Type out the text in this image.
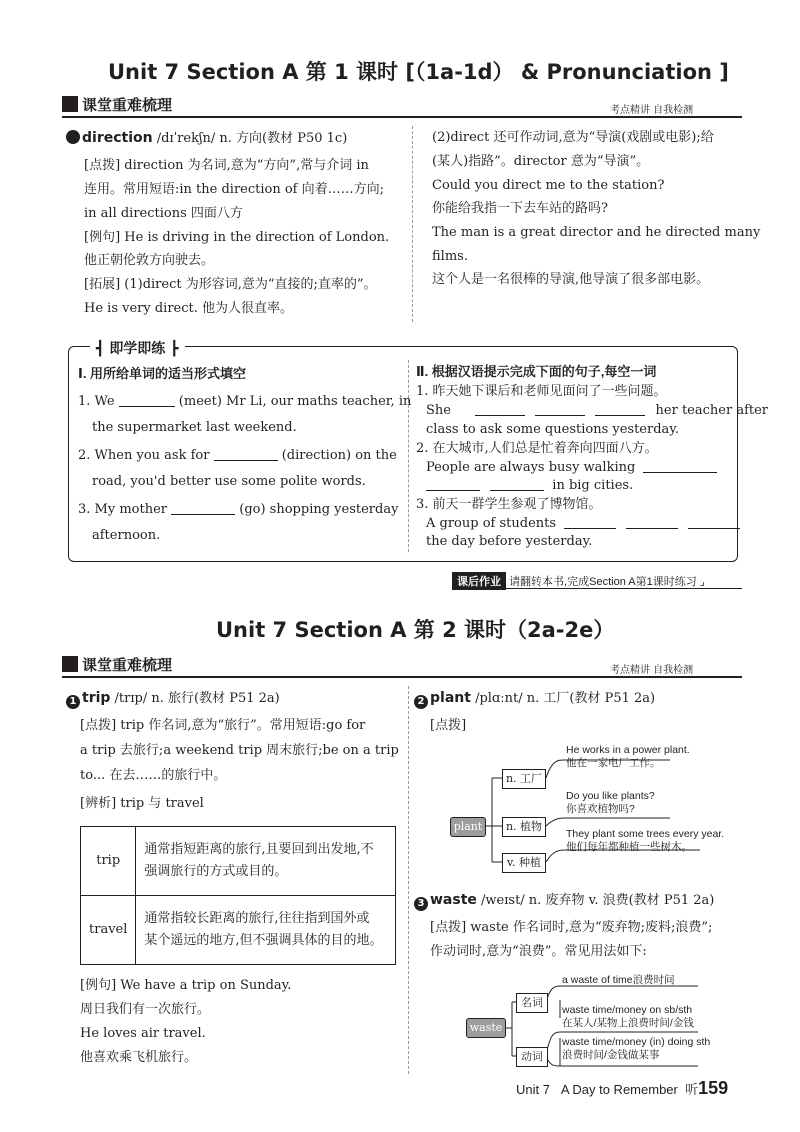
Unit 7 Section A 第 1 课时 [（1a-1d） & Pronunciation ]
课堂重难梳理	考点精讲 自我检测
direction /dɪˈrekʃn/ n. 方向(教材 P50 1c)
[点拨] direction 为名词,意为“方向”,常与介词 in
连用。常用短语:in the direction of 向着……方向;
in all directions 四面八方
[例句] He is driving in the direction of London.
他正朝伦敦方向驶去。
[拓展] (1)direct 为形容词,意为“直接的;直率的”。
He is very direct. 他为人很直率。
(2)direct 还可作动词,意为“导演(戏剧或电影);给
(某人)指路”。director 意为“导演”。
Could you direct me to the station?
你能给我指一下去车站的路吗?
The man is a great director and he directed many
films.
这个人是一名很棒的导演,他导演了很多部电影。
┫ 即学即练 ┣
Ⅰ. 用所给单词的适当形式填空
1. We	(meet) Mr Li, our maths teacher, in
the supermarket last weekend.
2. When you ask for	(direction) on the
road, you'd better use some polite words.
3. My mother	(go) shopping yesterday
afternoon.
Ⅱ. 根据汉语提示完成下面的句子,每空一词
1. 昨天她下课后和老师见面问了一些问题。
She	her teacher after
class to ask some questions yesterday.
2. 在大城市,人们总是忙着奔向四面八方。
People are always busy walking
in big cities.
3. 前天一群学生参观了博物馆。
A group of students
the day before yesterday.
课后作业 请翻转本书,完成Section A第1课时练习 ⌟
Unit 7 Section A 第 2 课时（2a-2e）
课堂重难梳理	考点精讲 自我检测
1 trip /trɪp/ n. 旅行(教材 P51 2a)
[点拨] trip 作名词,意为“旅行”。常用短语:go for
a trip 去旅行;a weekend trip 周末旅行;be on a trip
to... 在去……的旅行中。
[辨析] trip 与 travel
trip	通常指短距离的旅行,且要回到出发地,不
强调旅行的方式或目的。
travel	通常指较长距离的旅行,往往指到国外或
某个遥远的地方,但不强调具体的目的地。
[例句] We have a trip on Sunday.
周日我们有一次旅行。
He loves air travel.
他喜欢乘飞机旅行。
2 plant /plɑːnt/ n. 工厂(教材 P51 2a)
[点拨]
plant
n. 工厂
n. 植物
v. 种植
He works in a power plant.
他在一家电厂工作。
Do you like plants?
你喜欢植物吗?
They plant some trees every year.
他们每年都种植一些树木。
3 waste /weɪst/ n. 废弃物 v. 浪费(教材 P51 2a)
[点拨] waste 作名词时,意为“废弃物;废料;浪费”;
作动词时,意为“浪费”。常见用法如下:
waste
名词
动词
a waste of time浪费时间
waste time/money on sb/sth
在某人/某物上浪费时间/金钱
waste time/money (in) doing sth
浪费时间/金钱做某事
Unit 7 A Day to Remember 听159
